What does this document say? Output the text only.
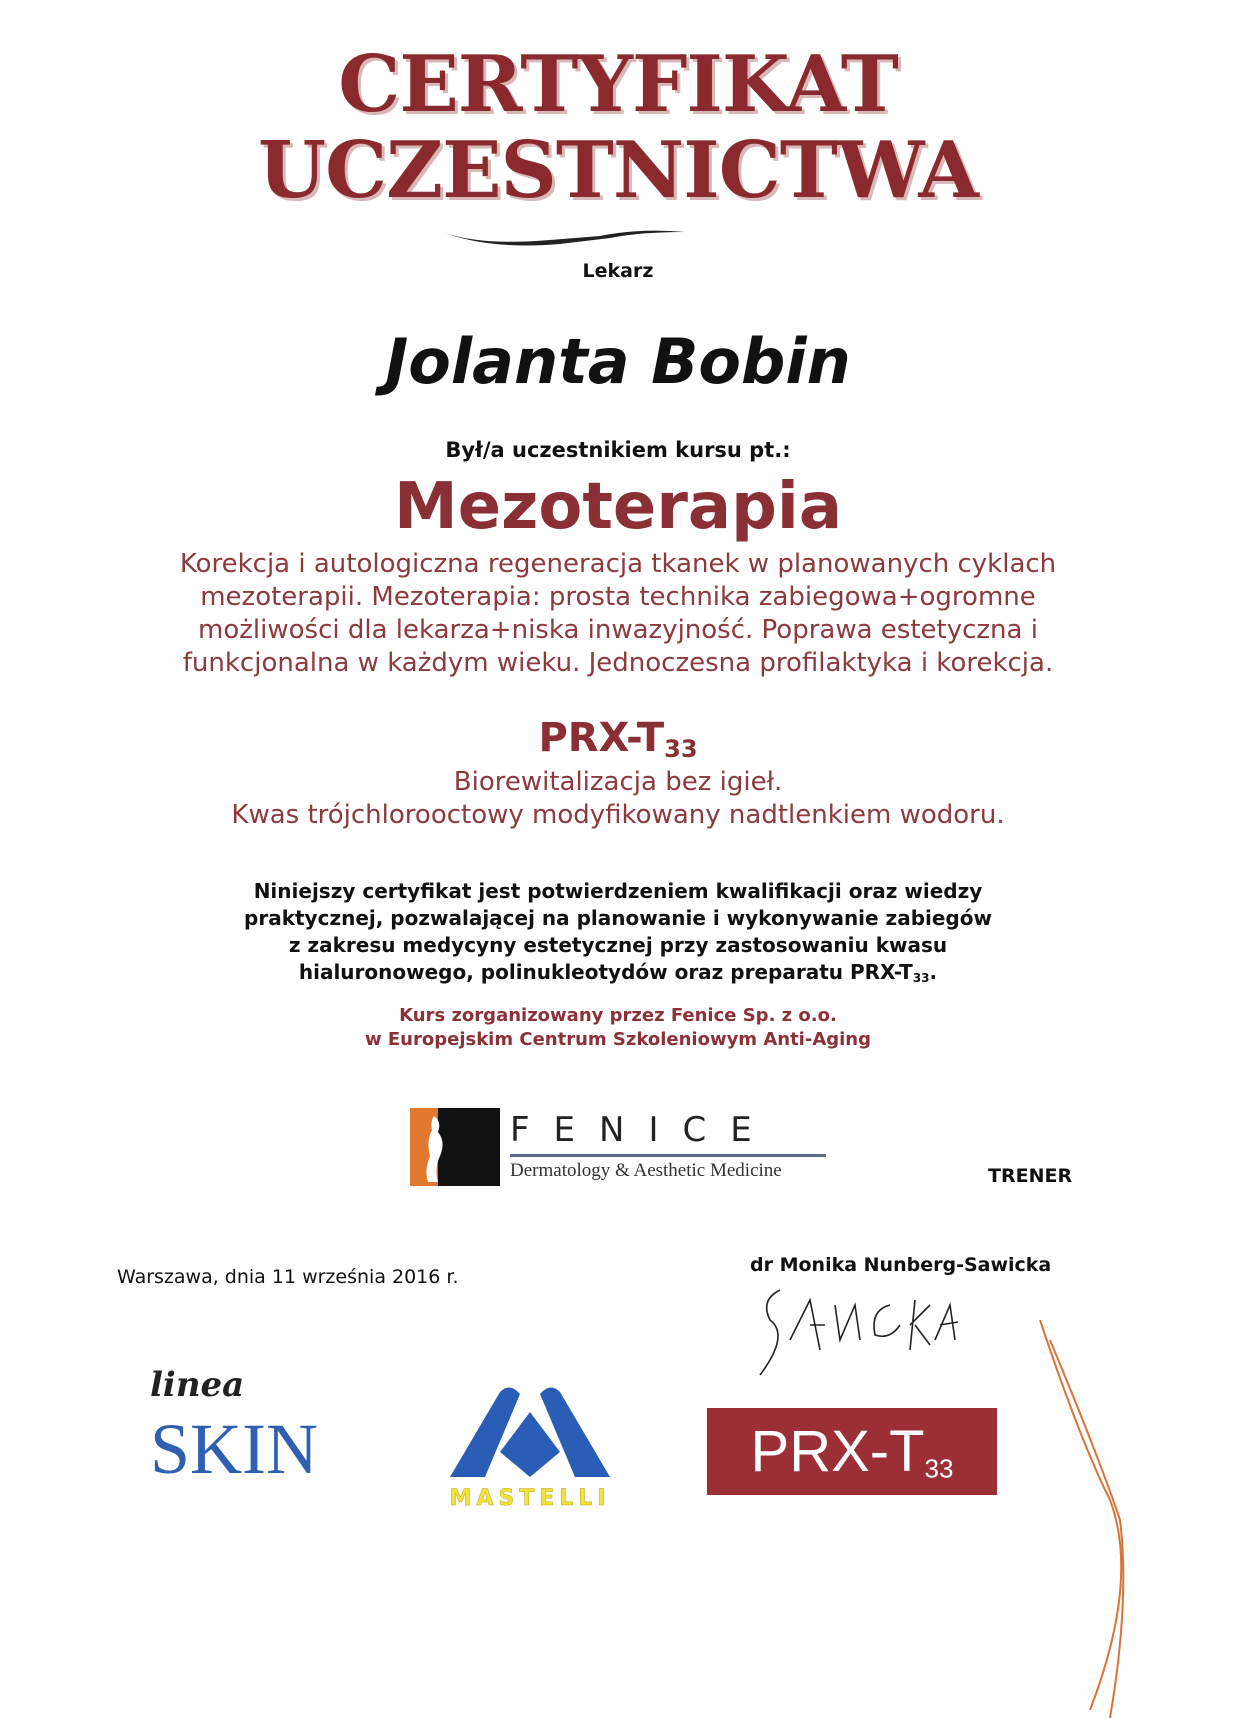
CERTYFIKAT
UCZESTNICTWA
Lekarz
Jolanta Bobin
Był/a uczestnikiem kursu pt.:
Mezoterapia
Korekcja i autologiczna regeneracja tkanek w planowanych cyklach
mezoterapii. Mezoterapia: prosta technika zabiegowa+ogromne
możliwości dla lekarza+niska inwazyjność. Poprawa estetyczna i
funkcjonalna w każdym wieku. Jednoczesna profilaktyka i korekcja.
PRX-$T_{33}$
Biorewitalizacja bez igieł.
Kwas trójchlorooctowy modyfikowany nadtlenkiem wodoru.
Niniejszy certyfikat jest potwierdzeniem kwalifikacji oraz wiedzy
praktycznej, pozwalającej na planowanie i wykonywanie zabiegów
z zakresu medycyny estetycznej przy zastosowaniu kwasu
hialuronowego, polinukleotydów oraz preparatu PRX-$T_{33}$.
Kurs zorganizowany przez Fenice Sp. z o.o.
w Europejskim Centrum Szkoleniowym Anti-Aging
FENICE
Dermatology & Aesthetic Medicine	TRENER
Warszawa, dnia 11 września 2016 r.
dr Monika Nunberg-Sawicka
linea
SKIN
MASTELLI
PRX-$T_{33}$
